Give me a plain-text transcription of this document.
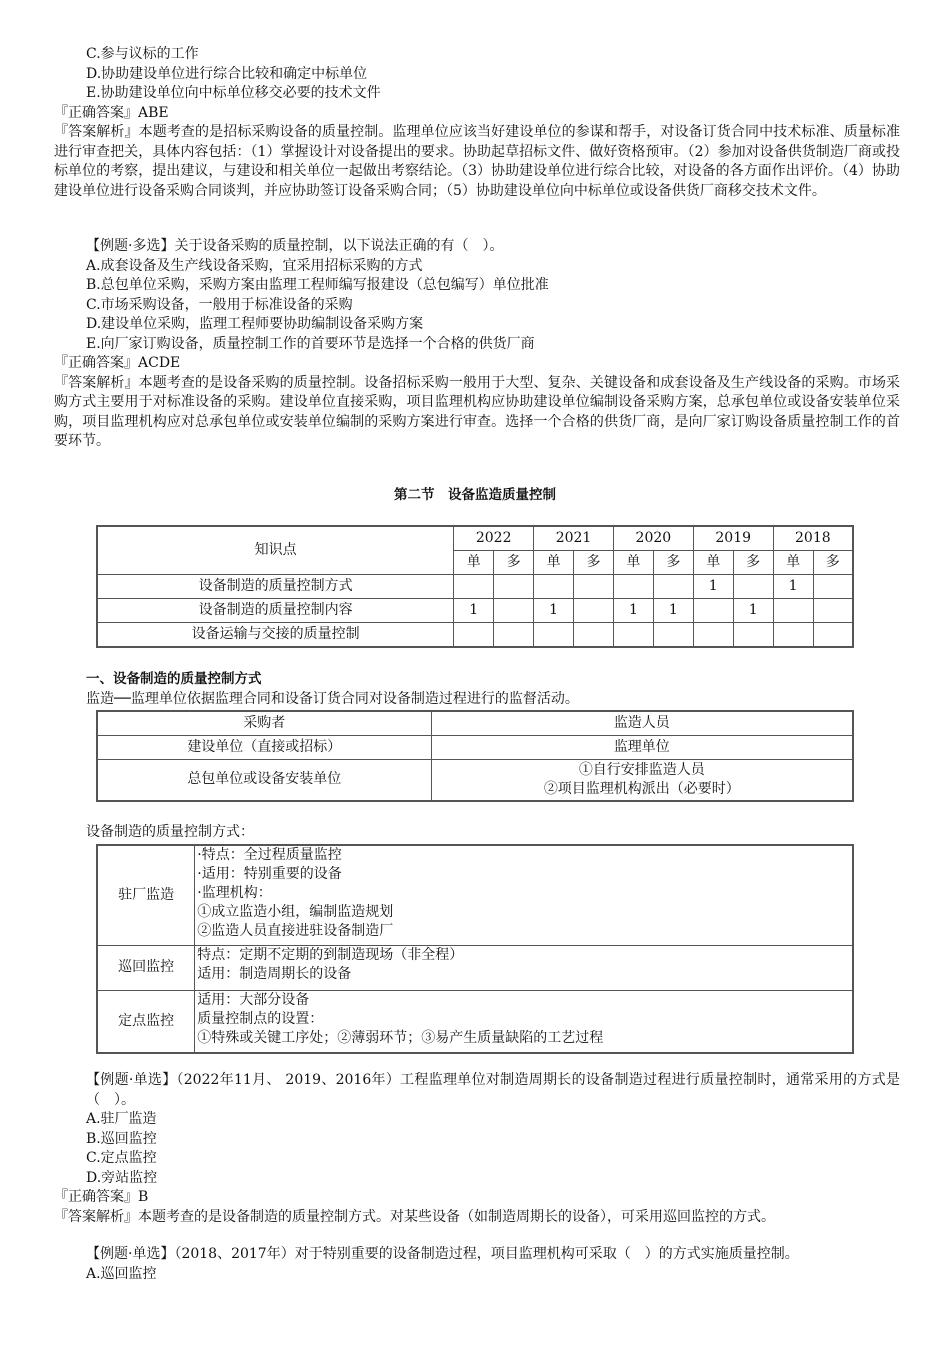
C.参与议标的工作
D.协助建设单位进行综合比较和确定中标单位
E.协助建设单位向中标单位移交必要的技术文件
『正确答案』ABE
『答案解析』本题考查的是招标采购设备的质量控制。监理单位应该当好建设单位的参谋和帮手，对设备订货合同中技术标准、质量标准进行审查把关，具体内容包括：（1）掌握设计对设备提出的要求。协助起草招标文件、做好资格预审。（2）参加对设备供货制造厂商或投标单位的考察，提出建议，与建设和相关单位一起做出考察结论。（3）协助建设单位进行综合比较，对设备的各方面作出评价。（4）协助建设单位进行设备采购合同谈判，并应协助签订设备采购合同；（5）协助建设单位向中标单位或设备供货厂商移交技术文件。
【例题·多选】关于设备采购的质量控制，以下说法正确的有（　）。
A.成套设备及生产线设备采购，宜采用招标采购的方式
B.总包单位采购，采购方案由监理工程师编写报建设（总包编写）单位批准
C.市场采购设备，一般用于标准设备的采购
D.建设单位采购，监理工程师要协助编制设备采购方案
E.向厂家订购设备，质量控制工作的首要环节是选择一个合格的供货厂商
『正确答案』ACDE
『答案解析』本题考查的是设备采购的质量控制。设备招标采购一般用于大型、复杂、关键设备和成套设备及生产线设备的采购。市场采购方式主要用于对标准设备的采购。建设单位直接采购，项目监理机构应协助建设单位编制设备采购方案，总承包单位或设备安装单位采购，项目监理机构应对总承包单位或安装单位编制的采购方案进行审查。选择一个合格的供货厂商，是向厂家订购设备质量控制工作的首要环节。
第二节　设备监造质量控制
知识点	2022		2021		2020		2019		2018	
	单	多	单	多	单	多	单	多	单	多
设备制造的质量控制方式							1		1	
设备制造的质量控制内容	1		1		1	1		1		
设备运输与交接的质量控制										
一、设备制造的质量控制方式
监造──监理单位依据监理合同和设备订货合同对设备制造过程进行的监督活动。
采购者	监造人员
建设单位（直接或招标）	监理单位
总包单位或设备安装单位	①自行安排监造人员
②项目监理机构派出（必要时）
设备制造的质量控制方式：
驻厂监造	·特点：全过程质量监控
·适用：特别重要的设备
·监理机构：
①成立监造小组，编制监造规划
②监造人员直接进驻设备制造厂

巡回监控	特点：定期不定期的到制造现场（非全程）
适用：制造周期长的设备

定点监控	适用：大部分设备
质量控制点的设置：
①特殊或关键工序处；②薄弱环节；③易产生质量缺陷的工艺过程
【例题·单选】（2022年11月、 2019、2016年）工程监理单位对制造周期长的设备制造过程进行质量控制时，通常采用的方式是（　）。
A.驻厂监造
B.巡回监控
C.定点监控
D.旁站监控
『正确答案』B
『答案解析』本题考查的是设备制造的质量控制方式。对某些设备（如制造周期长的设备），可采用巡回监控的方式。
【例题·单选】（2018、2017年）对于特别重要的设备制造过程，项目监理机构可采取（　）的方式实施质量控制。
A.巡回监控
